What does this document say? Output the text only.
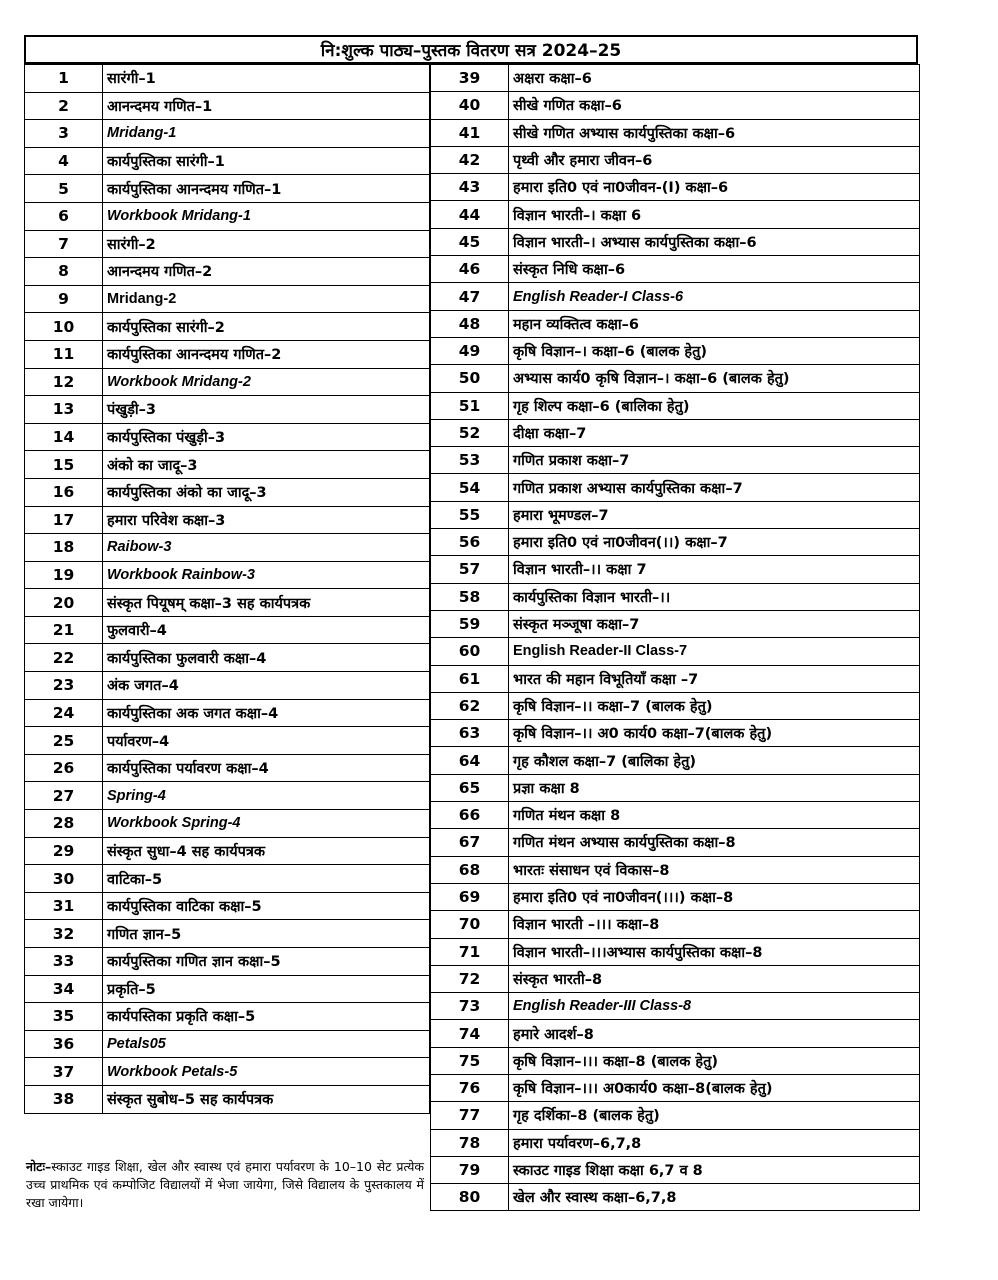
नि:शुल्क पाठ्य–पुस्तक वितरण सत्र 2024–25
1	सारंगी–1
2	आनन्दमय गणित–1
3	Mridang-1
4	कार्यपुस्तिका सारंगी–1
5	कार्यपुस्तिका आनन्दमय गणित–1
6	Workbook Mridang-1
7	सारंगी–2
8	आनन्दमय गणित–2
9	Mridang-2
10	कार्यपुस्तिका सारंगी–2
11	कार्यपुस्तिका आनन्दमय गणित–2
12	Workbook Mridang-2
13	पंखुड़ी–3
14	कार्यपुस्तिका पंखुड़ी–3
15	अंको का जादू–3
16	कार्यपुस्तिका अंको का जादू–3
17	हमारा परिवेश कक्षा–3
18	Raibow-3
19	Workbook Rainbow-3
20	संस्कृत पियूषम् कक्षा–3 सह कार्यपत्रक
21	फुलवारी–4
22	कार्यपुस्तिका फुलवारी कक्षा–4
23	अंक जगत–4
24	कार्यपुस्तिका अक जगत कक्षा–4
25	पर्यावरण–4
26	कार्यपुस्तिका पर्यावरण कक्षा–4
27	Spring-4
28	Workbook Spring-4
29	संस्कृत सुधा–4 सह कार्यपत्रक
30	वाटिका–5
31	कार्यपुस्तिका वाटिका कक्षा–5
32	गणित ज्ञान–5
33	कार्यपुस्तिका गणित ज्ञान कक्षा–5
34	प्रकृति–5
35	कार्यपस्तिका प्रकृति कक्षा–5
36	Petals05
37	Workbook Petals-5
38	संस्कृत सुबोध–5 सह कार्यपत्रक
39	अक्षरा कक्षा–6
40	सीखे गणित कक्षा–6
41	सीखे गणित अभ्यास कार्यपुस्तिका कक्षा–6
42	पृथ्वी और हमारा जीवन–6
43	हमारा इति0 एवं ना0जीवन-(I) कक्षा–6
44	विज्ञान भारती–। कक्षा 6
45	विज्ञान भारती–। अभ्यास कार्यपुस्तिका कक्षा–6
46	संस्कृत निधि कक्षा–6
47	English Reader-I Class-6
48	महान व्यक्तित्व कक्षा–6
49	कृषि विज्ञान–। कक्षा–6 (बालक हेतु)
50	अभ्यास कार्य0 कृषि विज्ञान–। कक्षा–6 (बालक हेतु)
51	गृह शिल्प कक्षा–6 (बालिका हेतु)
52	दीक्षा कक्षा–7
53	गणित प्रकाश कक्षा–7
54	गणित प्रकाश अभ्यास कार्यपुस्तिका कक्षा–7
55	हमारा भूमण्डल–7
56	हमारा इति0 एवं ना0जीवन(।।) कक्षा–7
57	विज्ञान भारती–।। कक्षा 7
58	कार्यपुस्तिका विज्ञान भारती–।।
59	संस्कृत मञ्जूषा कक्षा–7
60	English Reader-II Class-7
61	भारत की महान विभूतियाँ कक्षा –7
62	कृषि विज्ञान–।। कक्षा–7 (बालक हेतु)
63	कृषि विज्ञान–।। अ0 कार्य0 कक्षा–7(बालक हेतु)
64	गृह कौशल कक्षा–7 (बालिका हेतु)
65	प्रज्ञा कक्षा 8
66	गणित मंथन कक्षा 8
67	गणित मंथन अभ्यास कार्यपुस्तिका कक्षा–8
68	भारतः संसाधन एवं विकास–8
69	हमारा इति0 एवं ना0जीवन(।।।) कक्षा–8
70	विज्ञान भारती –।।। कक्षा–8
71	विज्ञान भारती–।।।अभ्यास कार्यपुस्तिका कक्षा–8
72	संस्कृत भारती–8
73	English Reader-III Class-8
74	हमारे आदर्श–8
75	कृषि विज्ञान–।।। कक्षा–8 (बालक हेतु)
76	कृषि विज्ञान–।।। अ0कार्य0 कक्षा–8(बालक हेतु)
77	गृह दर्शिका–8 (बालक हेतु)
78	हमारा पर्यावरण–6,7,8
79	स्काउट गाइड शिक्षा कक्षा 6,7 व 8
80	खेल और स्वास्थ कक्षा–6,7,8
नोटः–स्काउट गाइड शिक्षा, खेल और स्वास्थ एवं हमारा पर्यावरण के 10–10 सेट प्रत्येक उच्च प्राथमिक एवं कम्पोजिट विद्यालयों में भेजा जायेगा, जिसे विद्यालय के पुस्तकालय में रखा जायेगा।
